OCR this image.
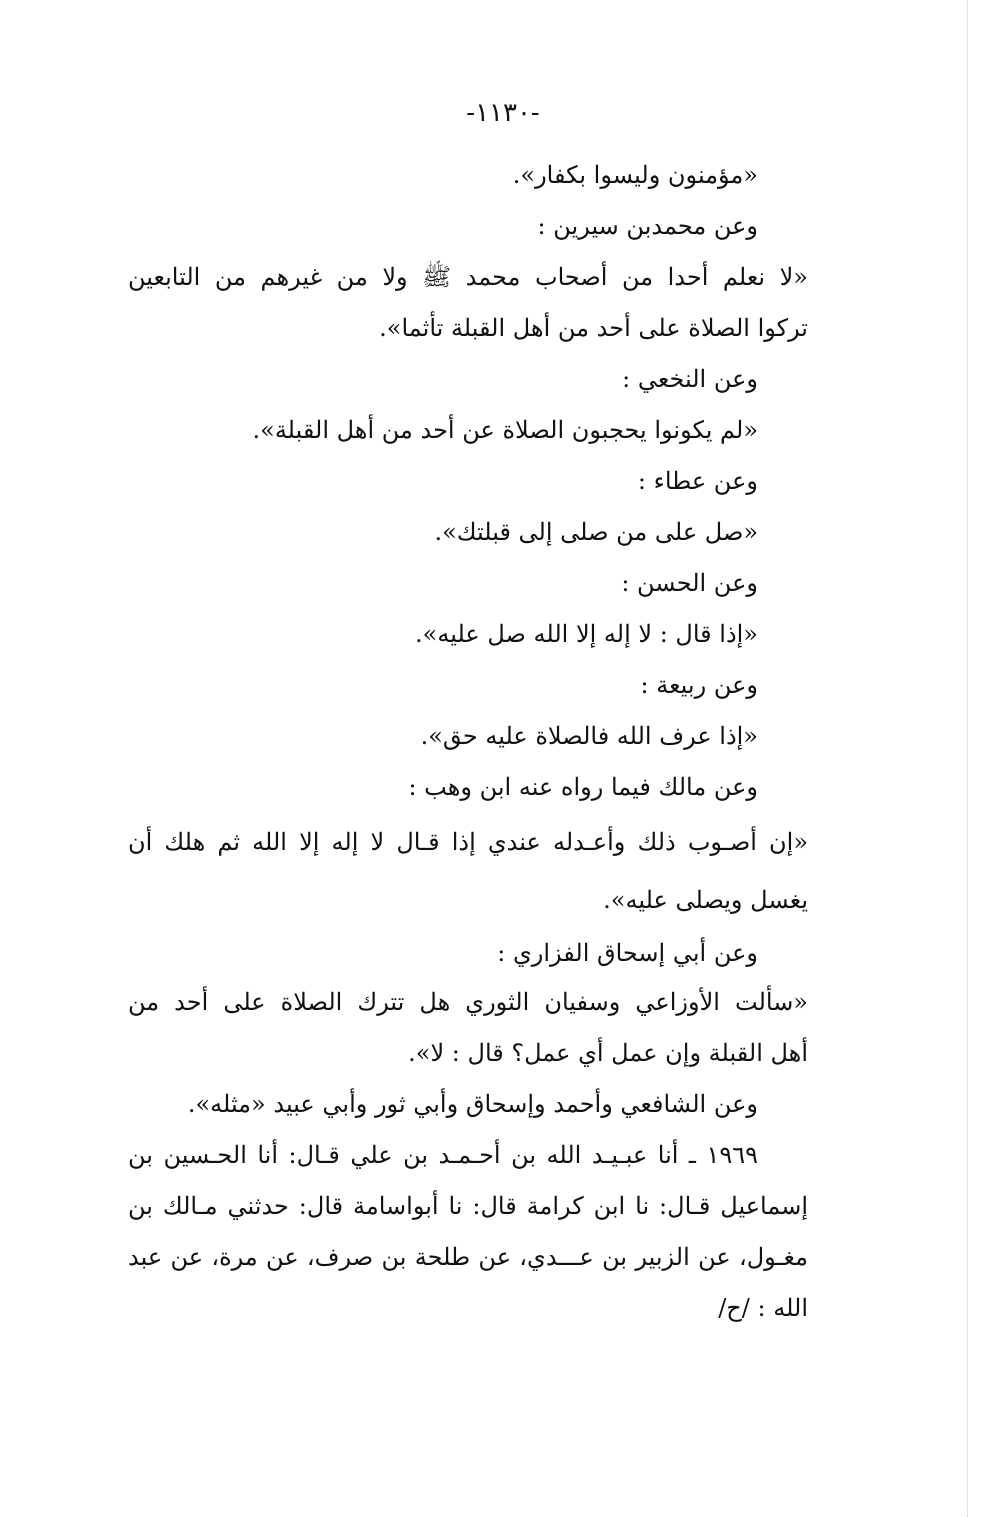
-١١٣٠-
«مؤمنون وليسوا بكفار».
وعن محمدبن سيرين :
«لا نعلم أحدا من أصحاب محمد ﷺ ولا من غيرهم من التابعين
تركوا الصلاة على أحد من أهل القبلة تأثما».
وعن النخعي :
«لم يكونوا يحجبون الصلاة عن أحد من أهل القبلة».
وعن عطاء :
«صل على من صلى إلى قبلتك».
وعن الحسن :
«إذا قال : لا إله إلا الله صل عليه».
وعن ربيعة :
«إذا عرف الله فالصلاة عليه حق».
وعن مالك فيما رواه عنه ابن وهب :
«إن أصـوب ذلك وأعـدله عندي إذا قـال لا إله إلا الله ثم هلك أن
يغسل ويصلى عليه».
وعن أبي إسحاق الفزاري :
«سألت الأوزاعي وسفيان الثوري هل تترك الصلاة على أحد من
أهل القبلة وإن عمل أي عمل؟ قال : لا».
وعن الشافعي وأحمد وإسحاق وأبي ثور وأبي عبيد «مثله».
١٩٦٩ ـ أنا عبـيـد الله بن أحـمـد بن علي قـال: أنا الحـسين بن
إسماعيل قـال: نا ابن كرامة قال: نا أبواسامة قال: حدثني مـالك بن
مغـول، عن الزبير بن عـــدي، عن طلحة بن صرف، عن مرة، عن عبد
الله : /ح/
